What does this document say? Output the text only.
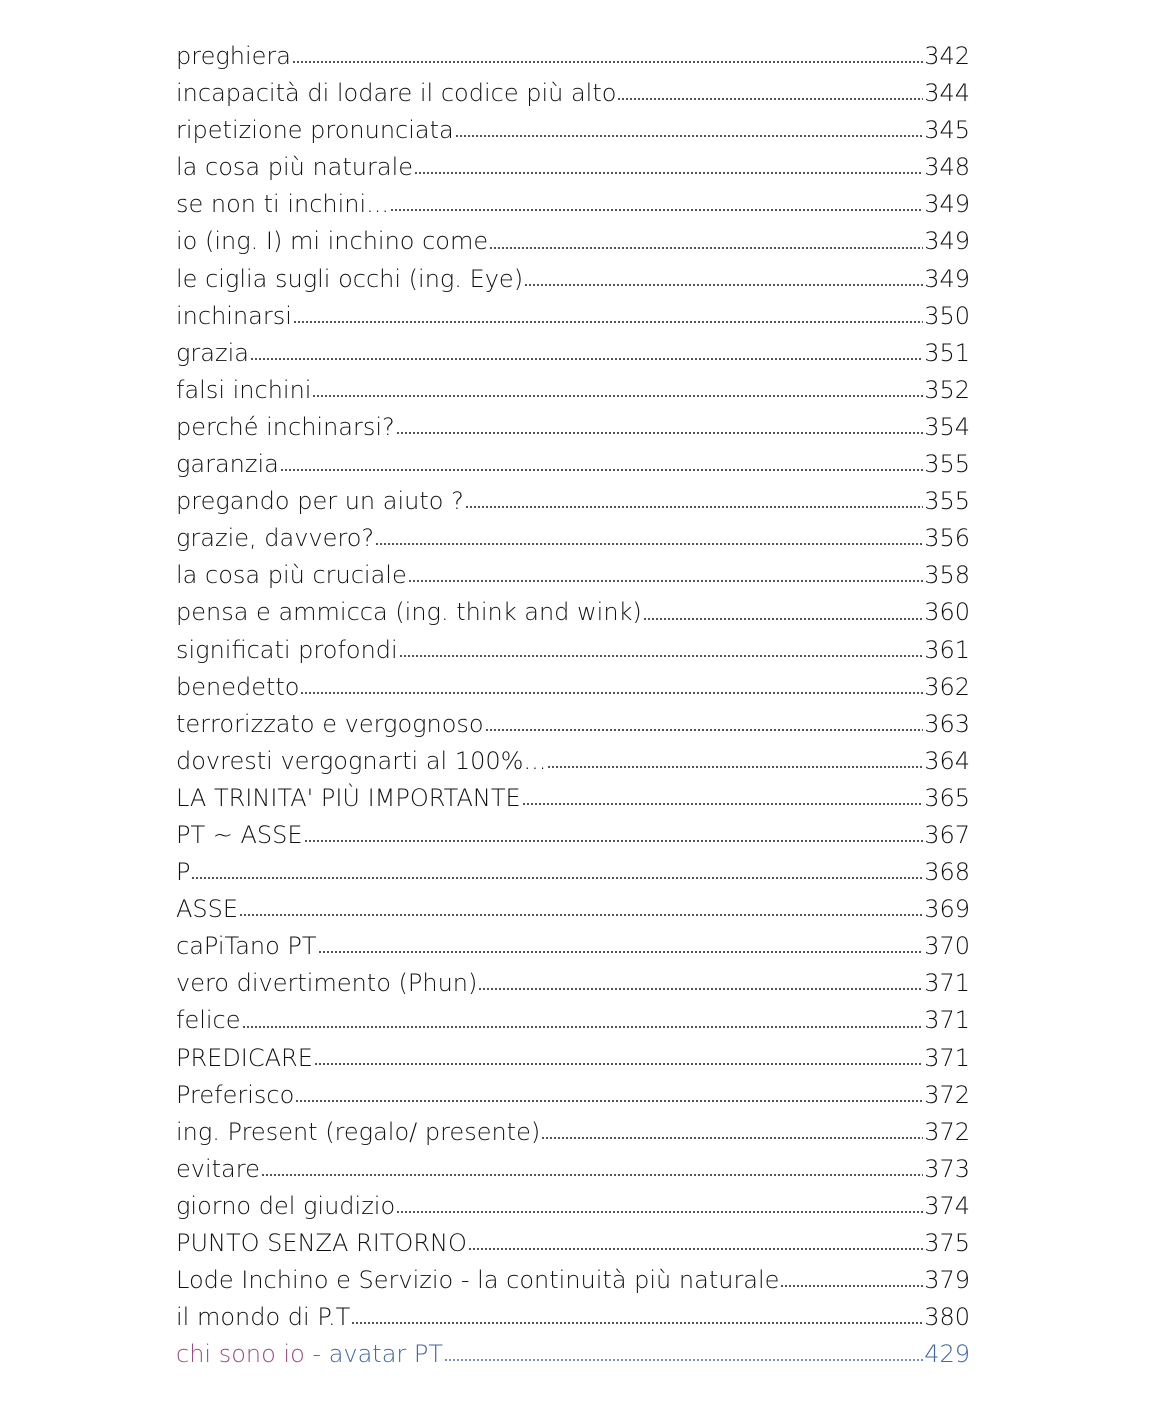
preghiera	342
incapacità di lodare il codice più alto	344
ripetizione pronunciata	345
la cosa più naturale	348
se non ti inchini...	349
io (ing. I) mi inchino come	349
le ciglia sugli occhi (ing. Eye)	349
inchinarsi	350
grazia	351
falsi inchini	352
perché inchinarsi?	354
garanzia	355
pregando per un aiuto ?	355
grazie, davvero?	356
la cosa più cruciale	358
pensa e ammicca (ing. think and wink)	360
significati profondi	361
benedetto	362
terrorizzato e vergognoso	363
dovresti vergognarti al 100%...	364
LA TRINITA' PIÙ IMPORTANTE	365
PT ~ ASSE	367
P	368
ASSE	369
caPiTano PT	370
vero divertimento (Phun)	371
felice	371
PREDICARE	371
Preferisco	372
ing. Present (regalo/ presente)	372
evitare	373
giorno del giudizio	374
PUNTO SENZA RITORNO	375
Lode Inchino e Servizio - la continuità più naturale	379
il mondo di P.T	380
chi sono io - avatar PT	429
